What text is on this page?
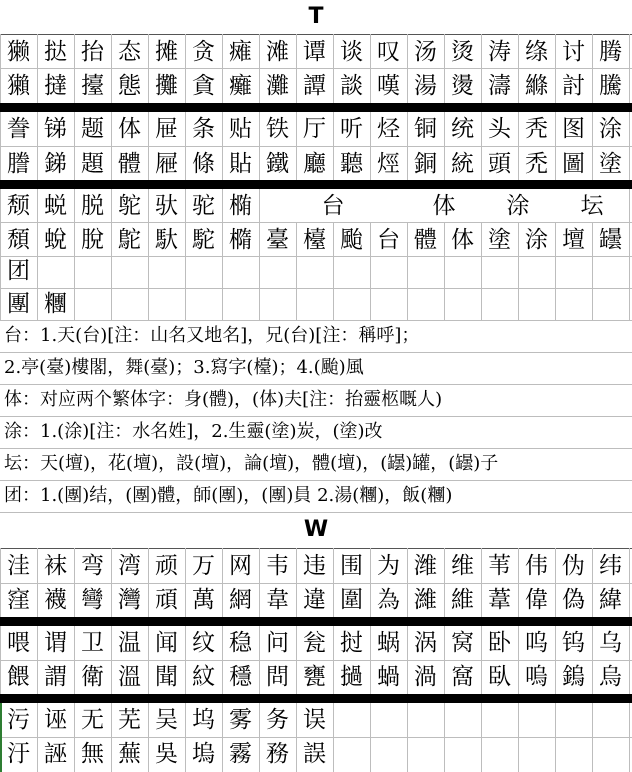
T
獭 挞 抬 态 摊 贪 瘫 滩 谭 谈 叹 汤 烫 涛 绦 讨 腾
獺 撻 擡 態 攤 貪 癱 灘 譚 談 嘆 湯 燙 濤 縧 討 騰
誊 锑 题 体 屉 条 贴 铁 厅 听 烃 铜 统 头 秃 图 涂
謄 銻 題 體 屜 條 貼 鐵 廳 聽 烴 銅 統 頭 禿 圖 塗
颓 蜕 脱 鸵 驮 驼 椭	台	体	涂	坛
頹 蛻 脫 鴕 馱 駝 橢 臺 檯 颱 台 體 体 塗 涂 壇 罎
团
團 糰
台：1.天(台)[注：山名又地名]，兄(台)[注：稱呼]；
2.亭(臺)樓閣，舞(臺)；3.寫字(檯)；4.(颱)風
体：对应两个繁体字：身(體)，(体)夫[注：抬靈柩嘅人)
涂：1.(涂)[注：水名姓]，2.生靈(塗)炭，(塗)改
坛：天(壇)，花(壇)，設(壇)，論(壇)，體(壇)，(罎)罐，(罎)子
团：1.(團)结，(團)體，師(團)，(團)員 2.湯(糰)，飯(糰)
W
洼 袜 弯 湾 顽 万 网 韦 违 围 为 潍 维 苇 伟 伪 纬
窪 襪 彎 灣 頑 萬 網 韋 違 圍 為 濰 維 葦 偉 偽 緯
喂 谓 卫 温 闻 纹 稳 问 瓮 挝 蜗 涡 窝 卧 呜 钨 乌
餵 謂 衛 溫 聞 紋 穩 問 甕 撾 蝸 渦 窩 臥 嗚 鎢 烏
污 诬 无 芜 吴 坞 雾 务 误
汙 誣 無 蕪 吳 塢 霧 務 誤
